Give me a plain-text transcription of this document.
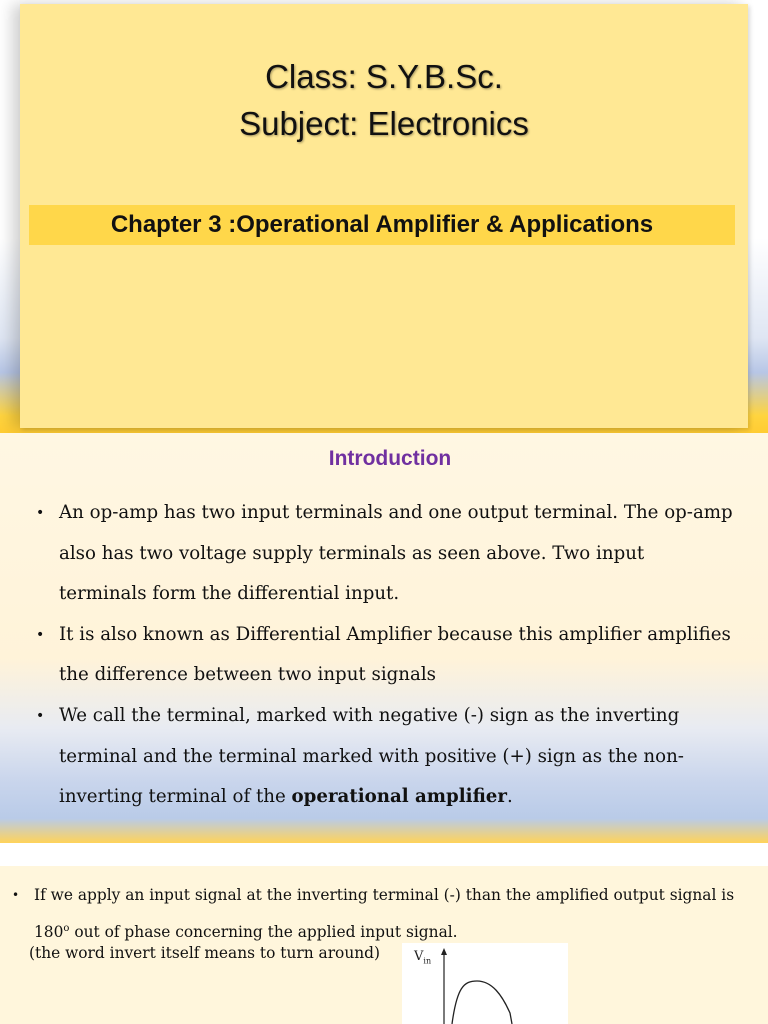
Class: S.Y.B.Sc.
Subject: Electronics
Chapter 3 :Operational Amplifier & Applications
Introduction
• An op-amp has two input terminals and one output terminal. The op-amp also has two voltage supply terminals as seen above. Two input terminals form the differential input.
• It is also known as Differential Amplifier because this amplifier amplifies the difference between two input signals
• We call the terminal, marked with negative (-) sign as the inverting terminal and the terminal marked with positive (+) sign as the non-inverting terminal of the operational amplifier.
• If we apply an input signal at the inverting terminal (-) than the amplified output signal is 180$^o$ out of phase concerning the applied input signal.
(the word invert itself means to turn around)	$V_{in}$
